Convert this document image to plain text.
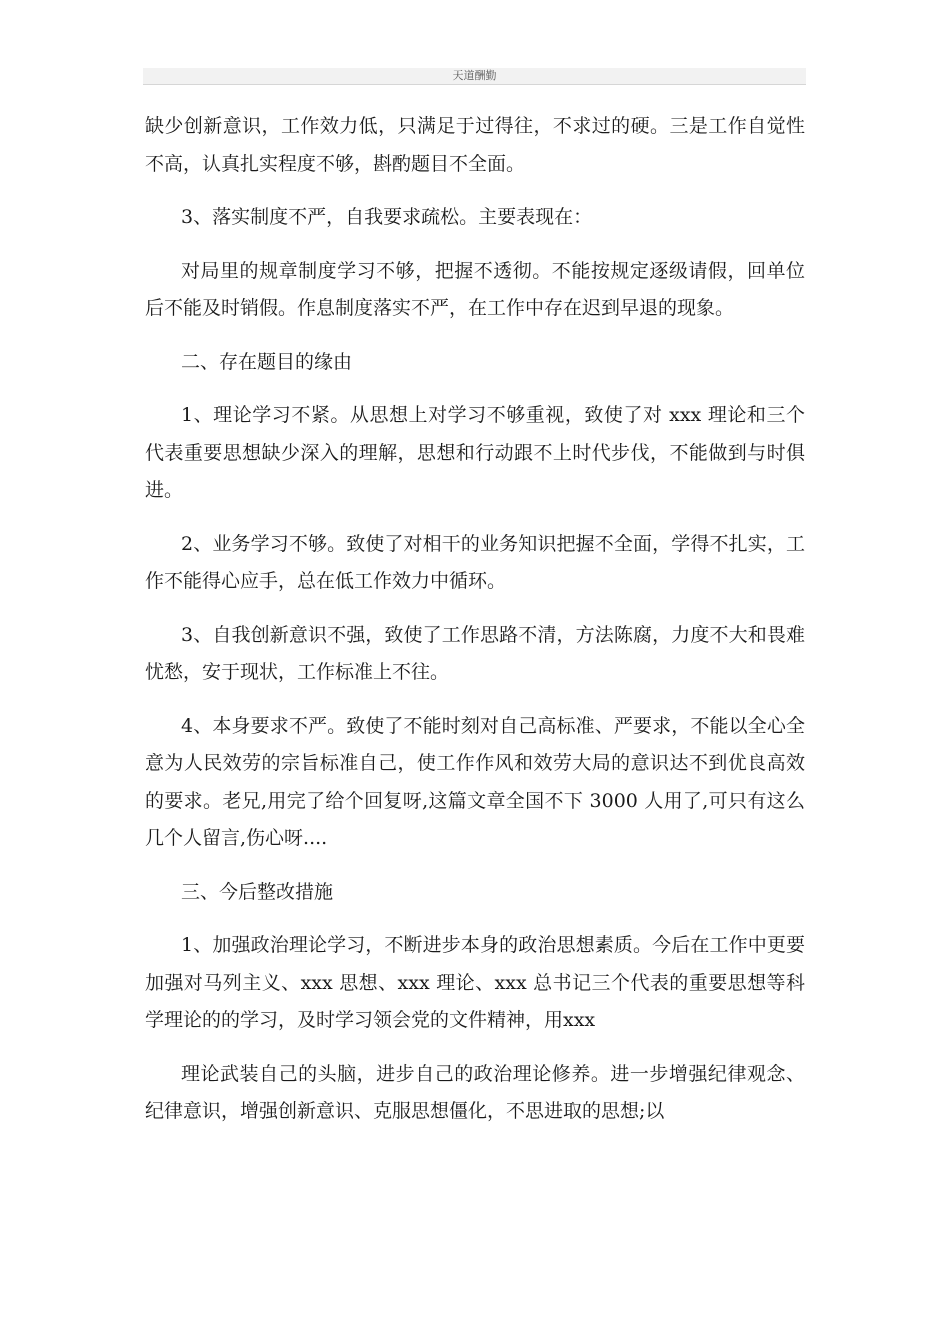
天道酬勤

缺少创新意识，工作效力低，只满足于过得往，不求过的硬。三是工作自觉性不高，认真扎实程度不够，斟酌题目不全面。

3、落实制度不严，自我要求疏松。主要表现在：

对局里的规章制度学习不够，把握不透彻。不能按规定逐级请假，回单位后不能及时销假。作息制度落实不严，在工作中存在迟到早退的现象。

二、存在题目的缘由

1、理论学习不紧。从思想上对学习不够重视，致使了对 xxx 理论和三个代表重要思想缺少深入的理解，思想和行动跟不上时代步伐，不能做到与时俱进。

2、业务学习不够。致使了对相干的业务知识把握不全面，学得不扎实，工作不能得心应手，总在低工作效力中循环。

3、自我创新意识不强，致使了工作思路不清，方法陈腐，力度不大和畏难忧愁，安于现状，工作标准上不往。

4、本身要求不严。致使了不能时刻对自己高标准、严要求，不能以全心全意为人民效劳的宗旨标准自己，使工作作风和效劳大局的意识达不到优良高效的要求。老兄,用完了给个回复呀,这篇文章全国不下 3000 人用了,可只有这么几个人留言,伤心呀....

三、今后整改措施

1、加强政治理论学习，不断进步本身的政治思想素质。今后在工作中更要加强对马列主义、xxx 思想、xxx 理论、xxx 总书记三个代表的重要思想等科学理论的的学习，及时学习领会党的文件精神，用xxx

理论武装自己的头脑，进步自己的政治理论修养。进一步增强纪律观念、纪律意识，增强创新意识、克服思想僵化，不思进取的思想;以
